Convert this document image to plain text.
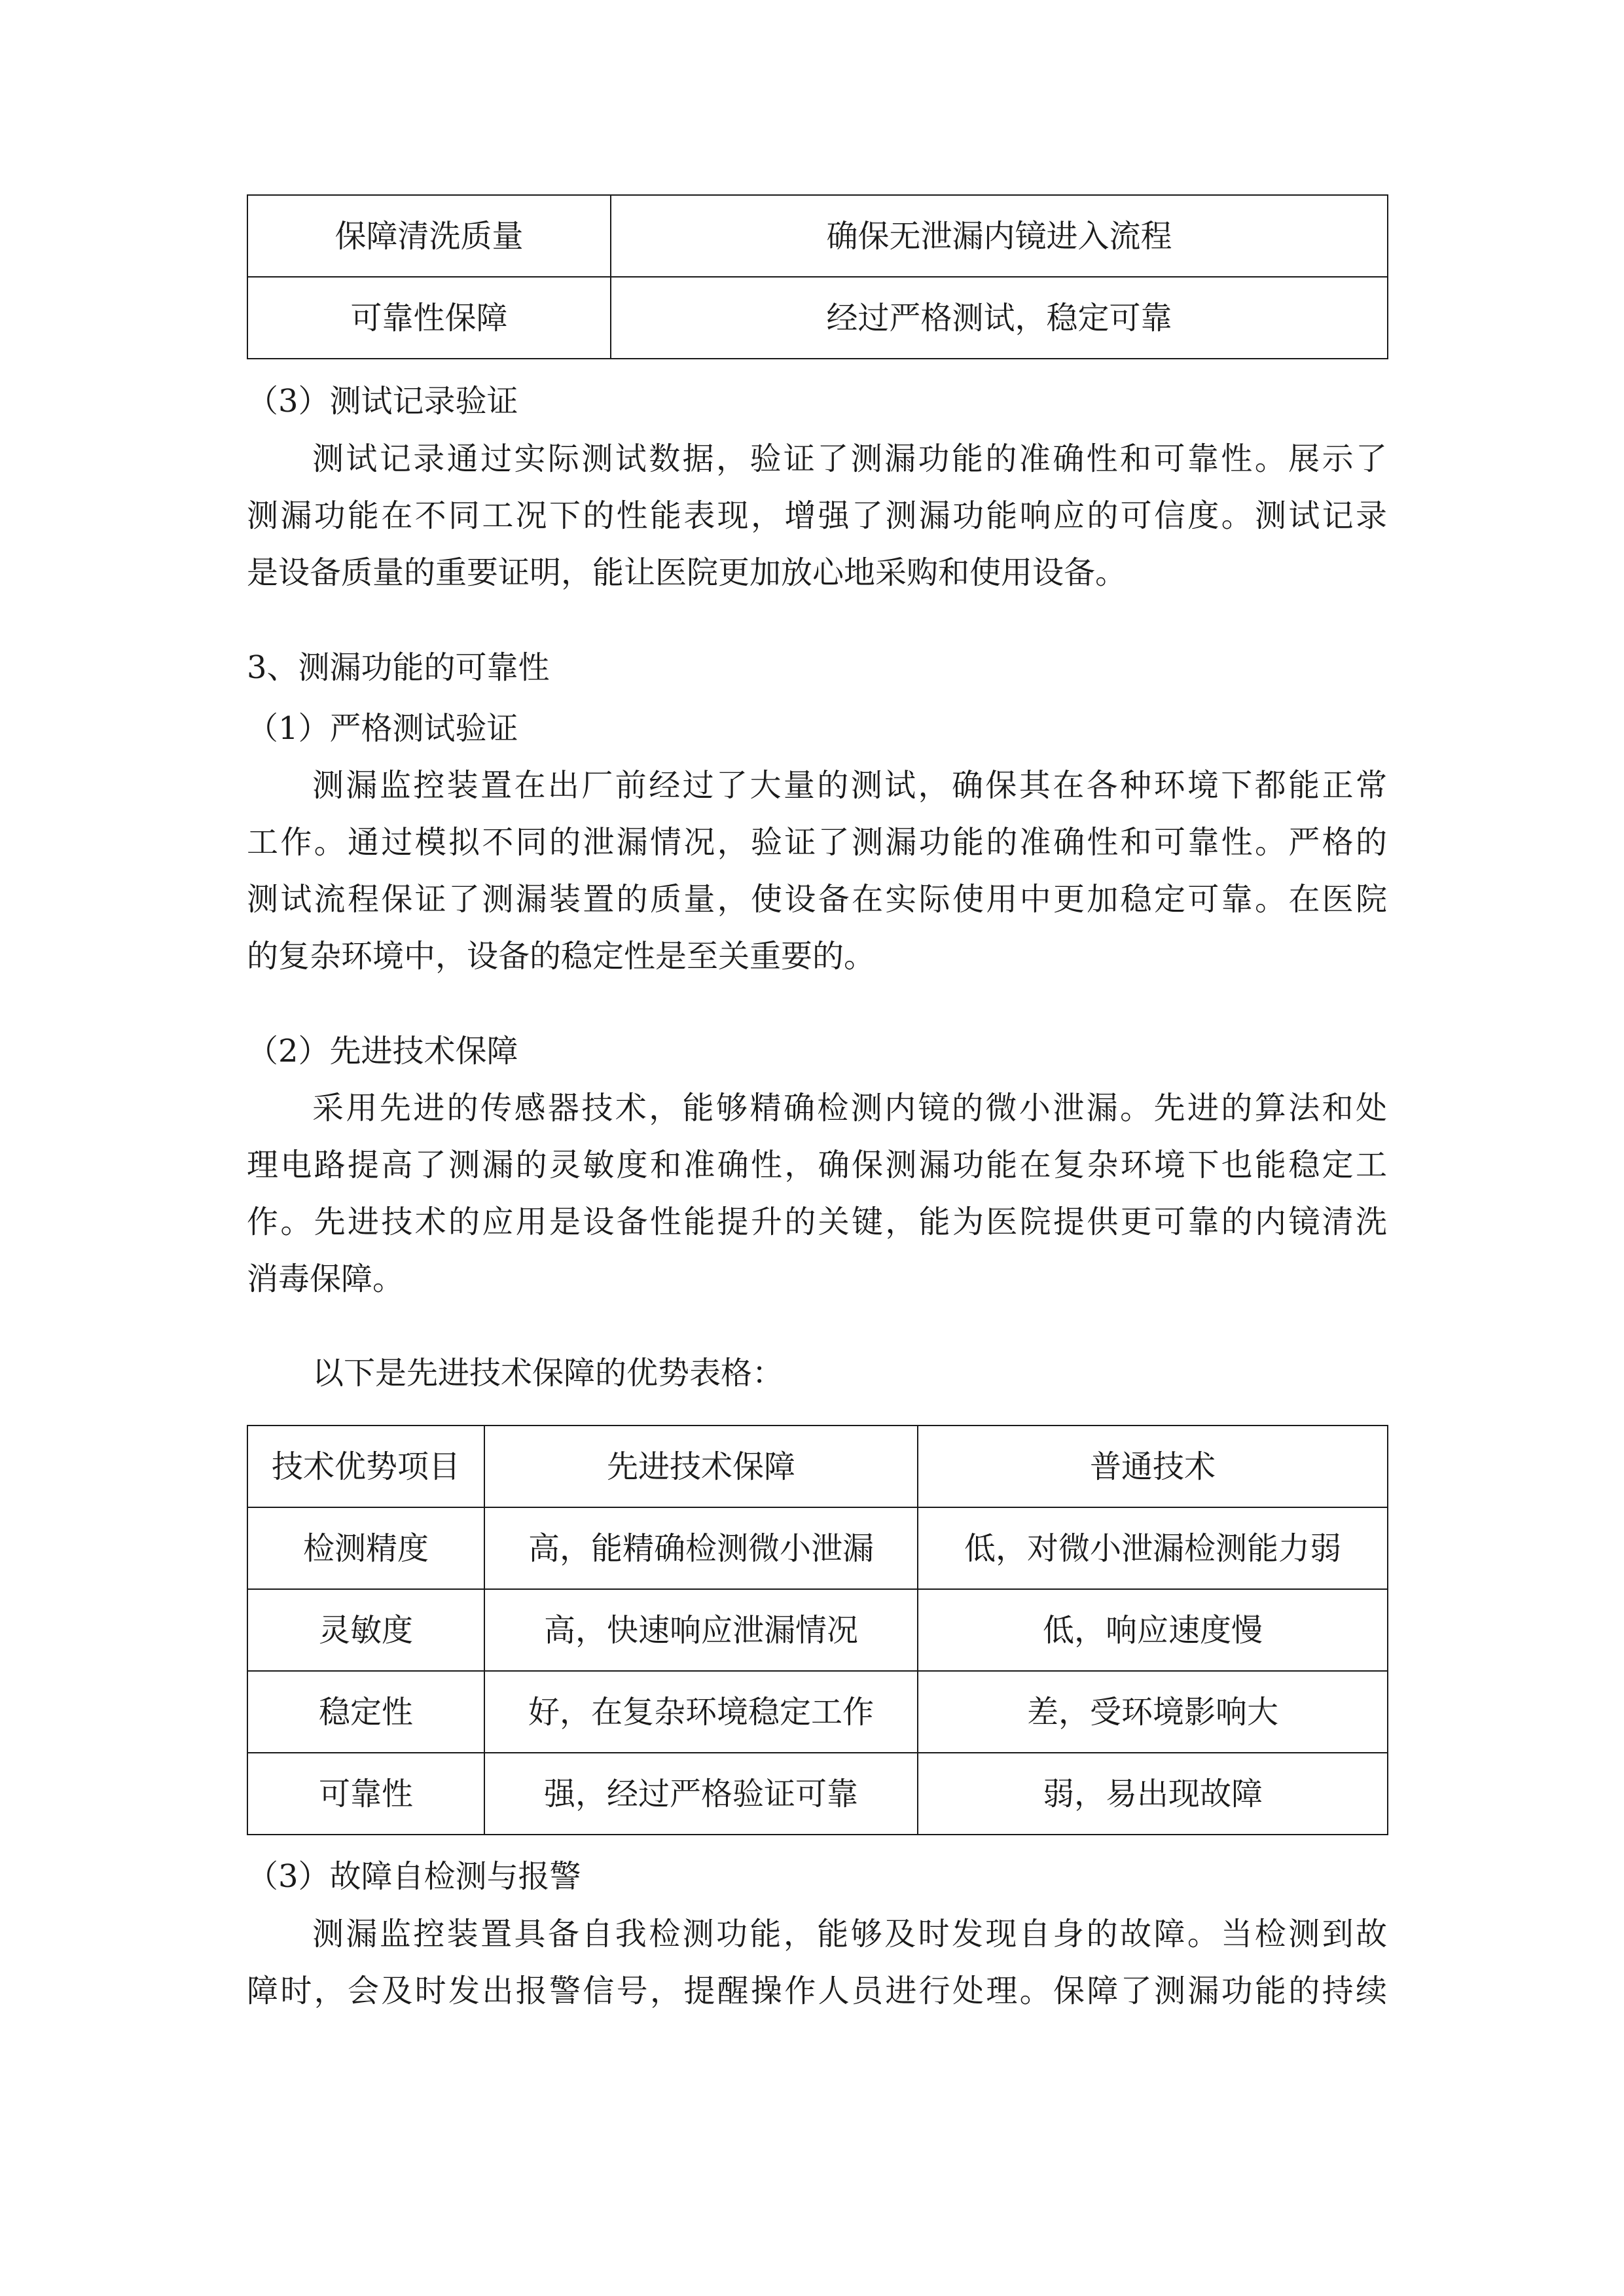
保障清洗质量	确保无泄漏内镜进入流程
可靠性保障	经过严格测试，稳定可靠
（3）测试记录验证
测试记录通过实际测试数据，验证了测漏功能的准确性和可靠性。展示了
测漏功能在不同工况下的性能表现，增强了测漏功能响应的可信度。测试记录
是设备质量的重要证明，能让医院更加放心地采购和使用设备。
3、测漏功能的可靠性
（1）严格测试验证
测漏监控装置在出厂前经过了大量的测试，确保其在各种环境下都能正常
工作。通过模拟不同的泄漏情况，验证了测漏功能的准确性和可靠性。严格的
测试流程保证了测漏装置的质量，使设备在实际使用中更加稳定可靠。在医院
的复杂环境中，设备的稳定性是至关重要的。
（2）先进技术保障
采用先进的传感器技术，能够精确检测内镜的微小泄漏。先进的算法和处
理电路提高了测漏的灵敏度和准确性，确保测漏功能在复杂环境下也能稳定工
作。先进技术的应用是设备性能提升的关键，能为医院提供更可靠的内镜清洗
消毒保障。
以下是先进技术保障的优势表格：
技术优势项目	先进技术保障	普通技术
检测精度	高，能精确检测微小泄漏	低，对微小泄漏检测能力弱
灵敏度	高，快速响应泄漏情况	低，响应速度慢
稳定性	好，在复杂环境稳定工作	差，受环境影响大
可靠性	强，经过严格验证可靠	弱，易出现故障
（3）故障自检测与报警
测漏监控装置具备自我检测功能，能够及时发现自身的故障。当检测到故
障时，会及时发出报警信号，提醒操作人员进行处理。保障了测漏功能的持续
